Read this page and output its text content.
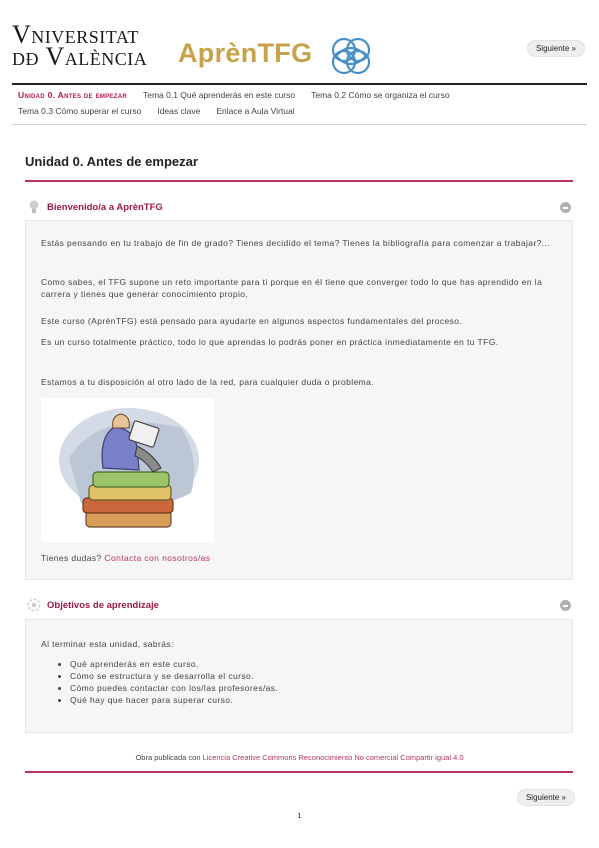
Vniversitat
dð València AprènTFG	Siguiente »
Unidad 0. Antes de empezar Tema 0.1 Qué aprenderás en este curso Tema 0.2 Cómo se organiza el curso
Tema 0.3 Cómo superar el curso Ideas clave Enlace a Aula Virtual
Unidad 0. Antes de empezar
Bienvenido/a a AprènTFG

Estás pensando en tu trabajo de fin de grado? Tienes decidido el tema? Tienes la bibliografía para comenzar a trabajar?...

Como sabes, el TFG supone un reto importante para ti porque en él tiene que converger todo lo que has aprendido en la carrera y tienes que generar conocimiento propio.

Este curso (AprènTFG) está pensado para ayudarte en algunos aspectos fundamentales del proceso.

Es un curso totalmente práctico, todo lo que aprendas lo podrás poner en práctica inmediatamente en tu TFG.

Estamos a tu disposición al otro lado de la red, para cualquier duda o problema.

Tienes dudas? Contacta con nosotros/as

Objetivos de aprendizaje

Al terminar esta unidad, sabrás:

• Qué aprenderás en este curso.
• Cómo se estructura y se desarrolla el curso.
• Cómo puedes contactar con los/las profesores/as.
• Qué hay que hacer para superar curso.
Obra publicada con Licencia Creative Commons Reconocimiento No comercial Compartir igual 4.0
Siguiente »
1
